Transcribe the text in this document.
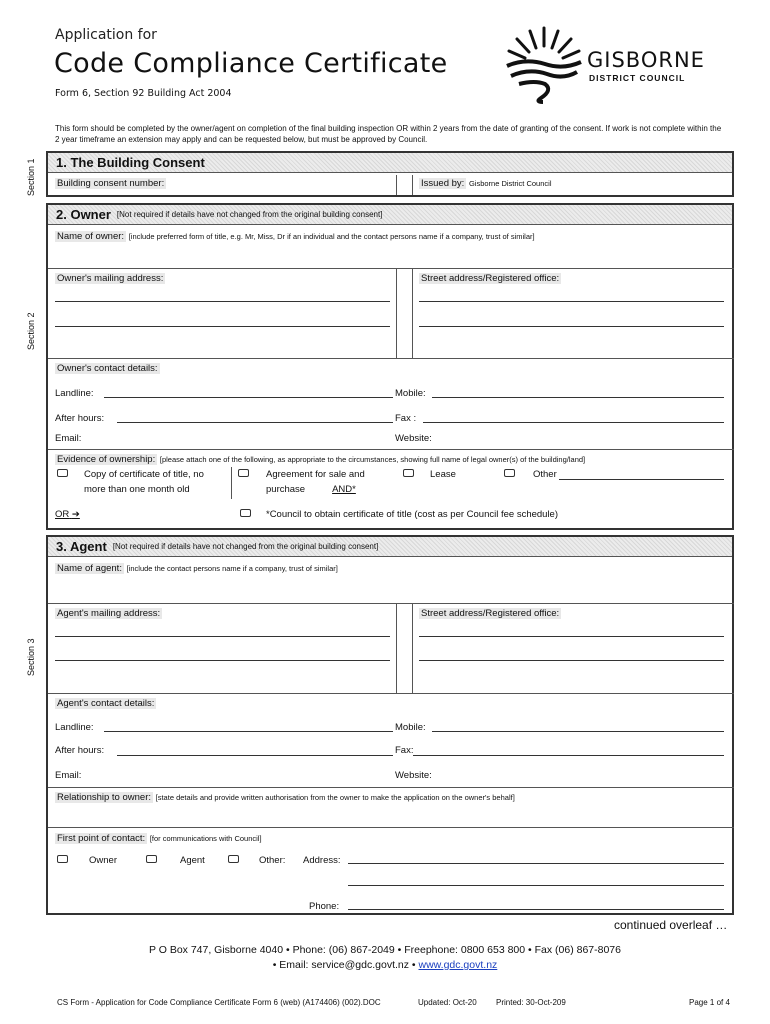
Application for
Code Compliance Certificate
Form 6, Section 92 Building Act 2004
GISBORNE
DISTRICT COUNCIL
This form should be completed by the owner/agent on completion of the final building inspection OR within 2 years from the date of granting of the consent. If work is not complete within the 2 year timeframe an extension may apply and can be requested below, but must be approved by Council.
Section 1
Section 2
Section 3
1. The Building Consent
Building consent number:	Issued by: Gisborne District Council
2. Owner [Not required if details have not changed from the original building consent]
Name of owner: [include preferred form of title, e.g. Mr, Miss, Dr if an individual and the contact persons name if a company, trust of similar]
Owner's mailing address:	Street address/Registered office:
Owner's contact details:
Landline:	Mobile:
After hours:	Fax :
Email:	Website:
Evidence of ownership: [please attach one of the following, as appropriate to the circumstances, showing full name of legal owner(s) of the building/land]
Copy of certificate of title, no
more than one month old
Agreement for sale and
purchase	AND*
Lease	Other
OR ➔	*Council to obtain certificate of title (cost as per Council fee schedule)
3. Agent [Not required if details have not changed from the original building consent]
Name of agent: [include the contact persons name if a company, trust of similar]
Agent's mailing address:	Street address/Registered office:
Agent's contact details:
Landline:	Mobile:
After hours:	Fax:
Email:	Website:
Relationship to owner: [state details and provide written authorisation from the owner to make the application on the owner's behalf]
First point of contact: [for communications with Council]
Owner	Agent	Other: Address:
Phone:
continued overleaf …
P O Box 747, Gisborne 4040 • Phone: (06) 867-2049 • Freephone: 0800 653 800 • Fax (06) 867-8076
• Email: service@gdc.govt.nz • www.gdc.govt.nz
CS Form - Application for Code Compliance Certificate Form 6 (web) (A174406) (002).DOC	Updated: Oct-20 Printed: 30-Oct-209	Page 1 of 4
